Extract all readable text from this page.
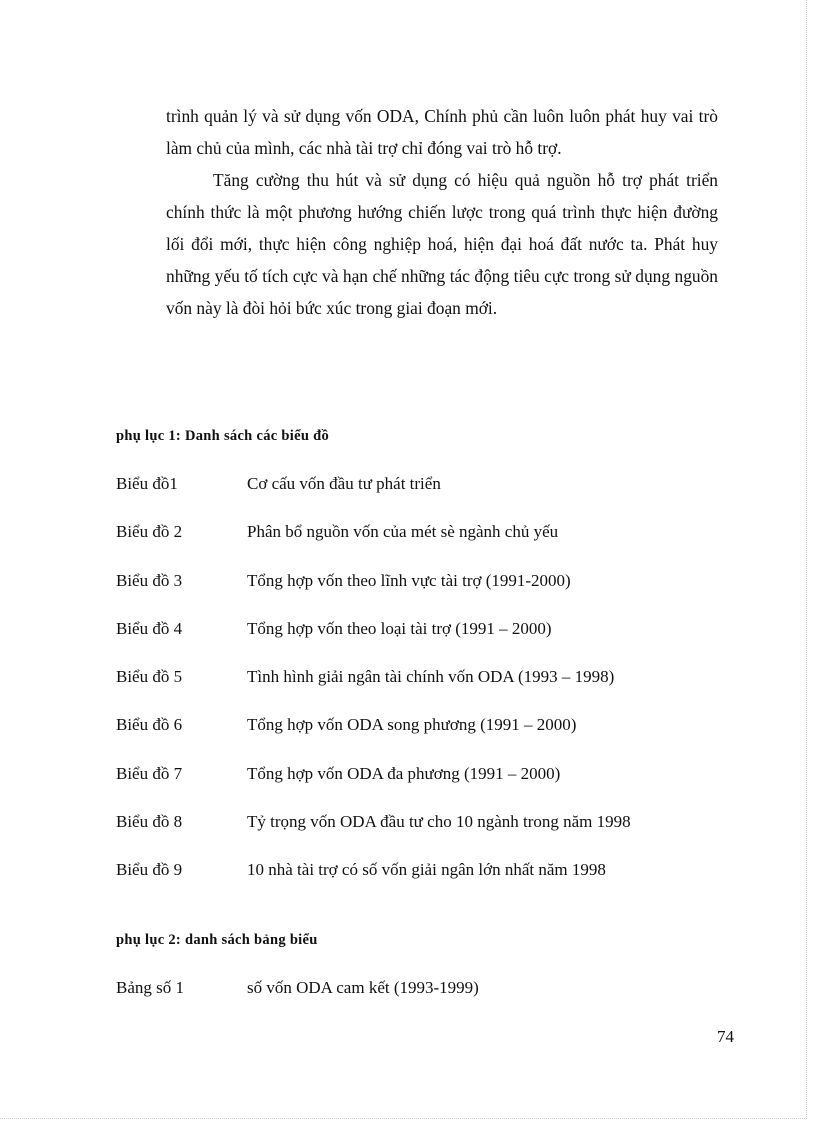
trình quản lý và sử dụng vốn ODA, Chính phủ cần luôn luôn phát huy vai trò làm chủ của mình, các nhà tài trợ chỉ đóng vai trò hỗ trợ.

Tăng cường thu hút và sử dụng có hiệu quả nguồn hỗ trợ phát triển chính thức là một phương hướng chiến lược trong quá trình thực hiện đường lối đổi mới, thực hiện công nghiệp hoá, hiện đại hoá đất nước ta. Phát huy những yếu tố tích cực và hạn chế những tác động tiêu cực trong sử dụng nguồn vốn này là đòi hỏi bức xúc trong giai đoạn mới.

phụ lục 1: Danh sách các biểu đồ
Biểu đồ1	Cơ cấu vốn đầu tư phát triển
Biểu đồ 2	Phân bổ nguồn vốn của mét sè ngành chủ yếu
Biểu đồ 3	Tổng hợp vốn theo lĩnh vực tài trợ (1991-2000)
Biểu đồ 4	Tổng hợp vốn theo loại tài trợ (1991 – 2000)
Biểu đồ 5	Tình hình giải ngân tài chính vốn ODA (1993 – 1998)
Biểu đồ 6	Tổng hợp vốn ODA song phương (1991 – 2000)
Biểu đồ 7	Tổng hợp vốn ODA đa phương (1991 – 2000)
Biểu đồ 8	Tỷ trọng vốn ODA đầu tư cho 10 ngành trong năm 1998
Biểu đồ 9	10 nhà tài trợ có số vốn giải ngân lớn nhất năm 1998
phụ lục 2: danh sách bảng biểu
Bảng số 1	số vốn ODA cam kết (1993-1999)
74
